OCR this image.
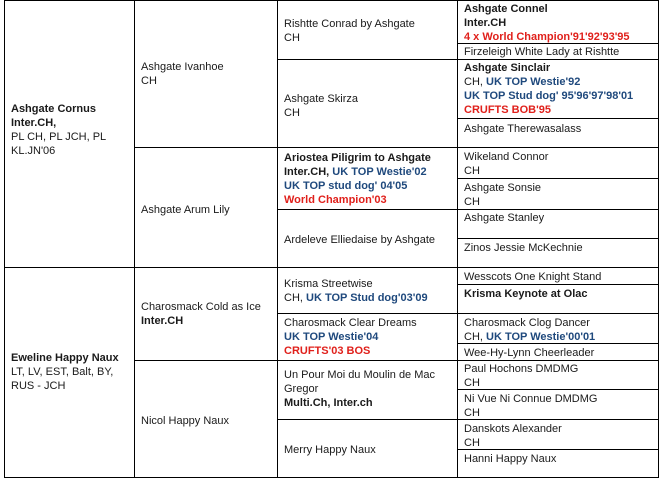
Ashgate Cornus
Inter.CH,
PL CH, PL JCH, PL
KL.JN'06
Eweline Happy Naux
LT, LV, EST, Balt, BY,
RUS - JCH
Ashgate Ivanhoe
CH
Ashgate Arum Lily
Charosmack Cold as Ice
Inter.CH
Nicol Happy Naux
Rishtte Conrad by Ashgate
CH
Ashgate Skirza
CH
Ariostea Piligrim to Ashgate
Inter.CH, UK TOP Westie'02
UK TOP stud dog' 04'05
World Champion'03
Ardeleve Elliedaise by Ashgate
Krisma Streetwise
CH, UK TOP Stud dog'03'09
Charosmack Clear Dreams
UK TOP Westie'04
CRUFTS'03 BOS
Un Pour Moi du Moulin de Mac Gregor
Multi.Ch, Inter.ch
Merry Happy Naux
Ashgate Connel
Inter.CH
4 x World Champion'91'92'93'95
Firzeleigh White Lady at Rishtte
Ashgate Sinclair
CH, UK TOP Westie'92
UK TOP Stud dog' 95'96'97'98'01
CRUFTS BOB'95
Ashgate Therewasalass
Wikeland Connor
CH
Ashgate Sonsie
CH
Ashgate Stanley
Zinos Jessie McKechnie
Wesscots One Knight Stand
Krisma Keynote at Olac
Charosmack Clog Dancer
CH, UK TOP Westie'00'01
Wee-Hy-Lynn Cheerleader
Paul Hochons DMDMG
CH
Ni Vue Ni Connue DMDMG
CH
Danskots Alexander
CH
Hanni Happy Naux
